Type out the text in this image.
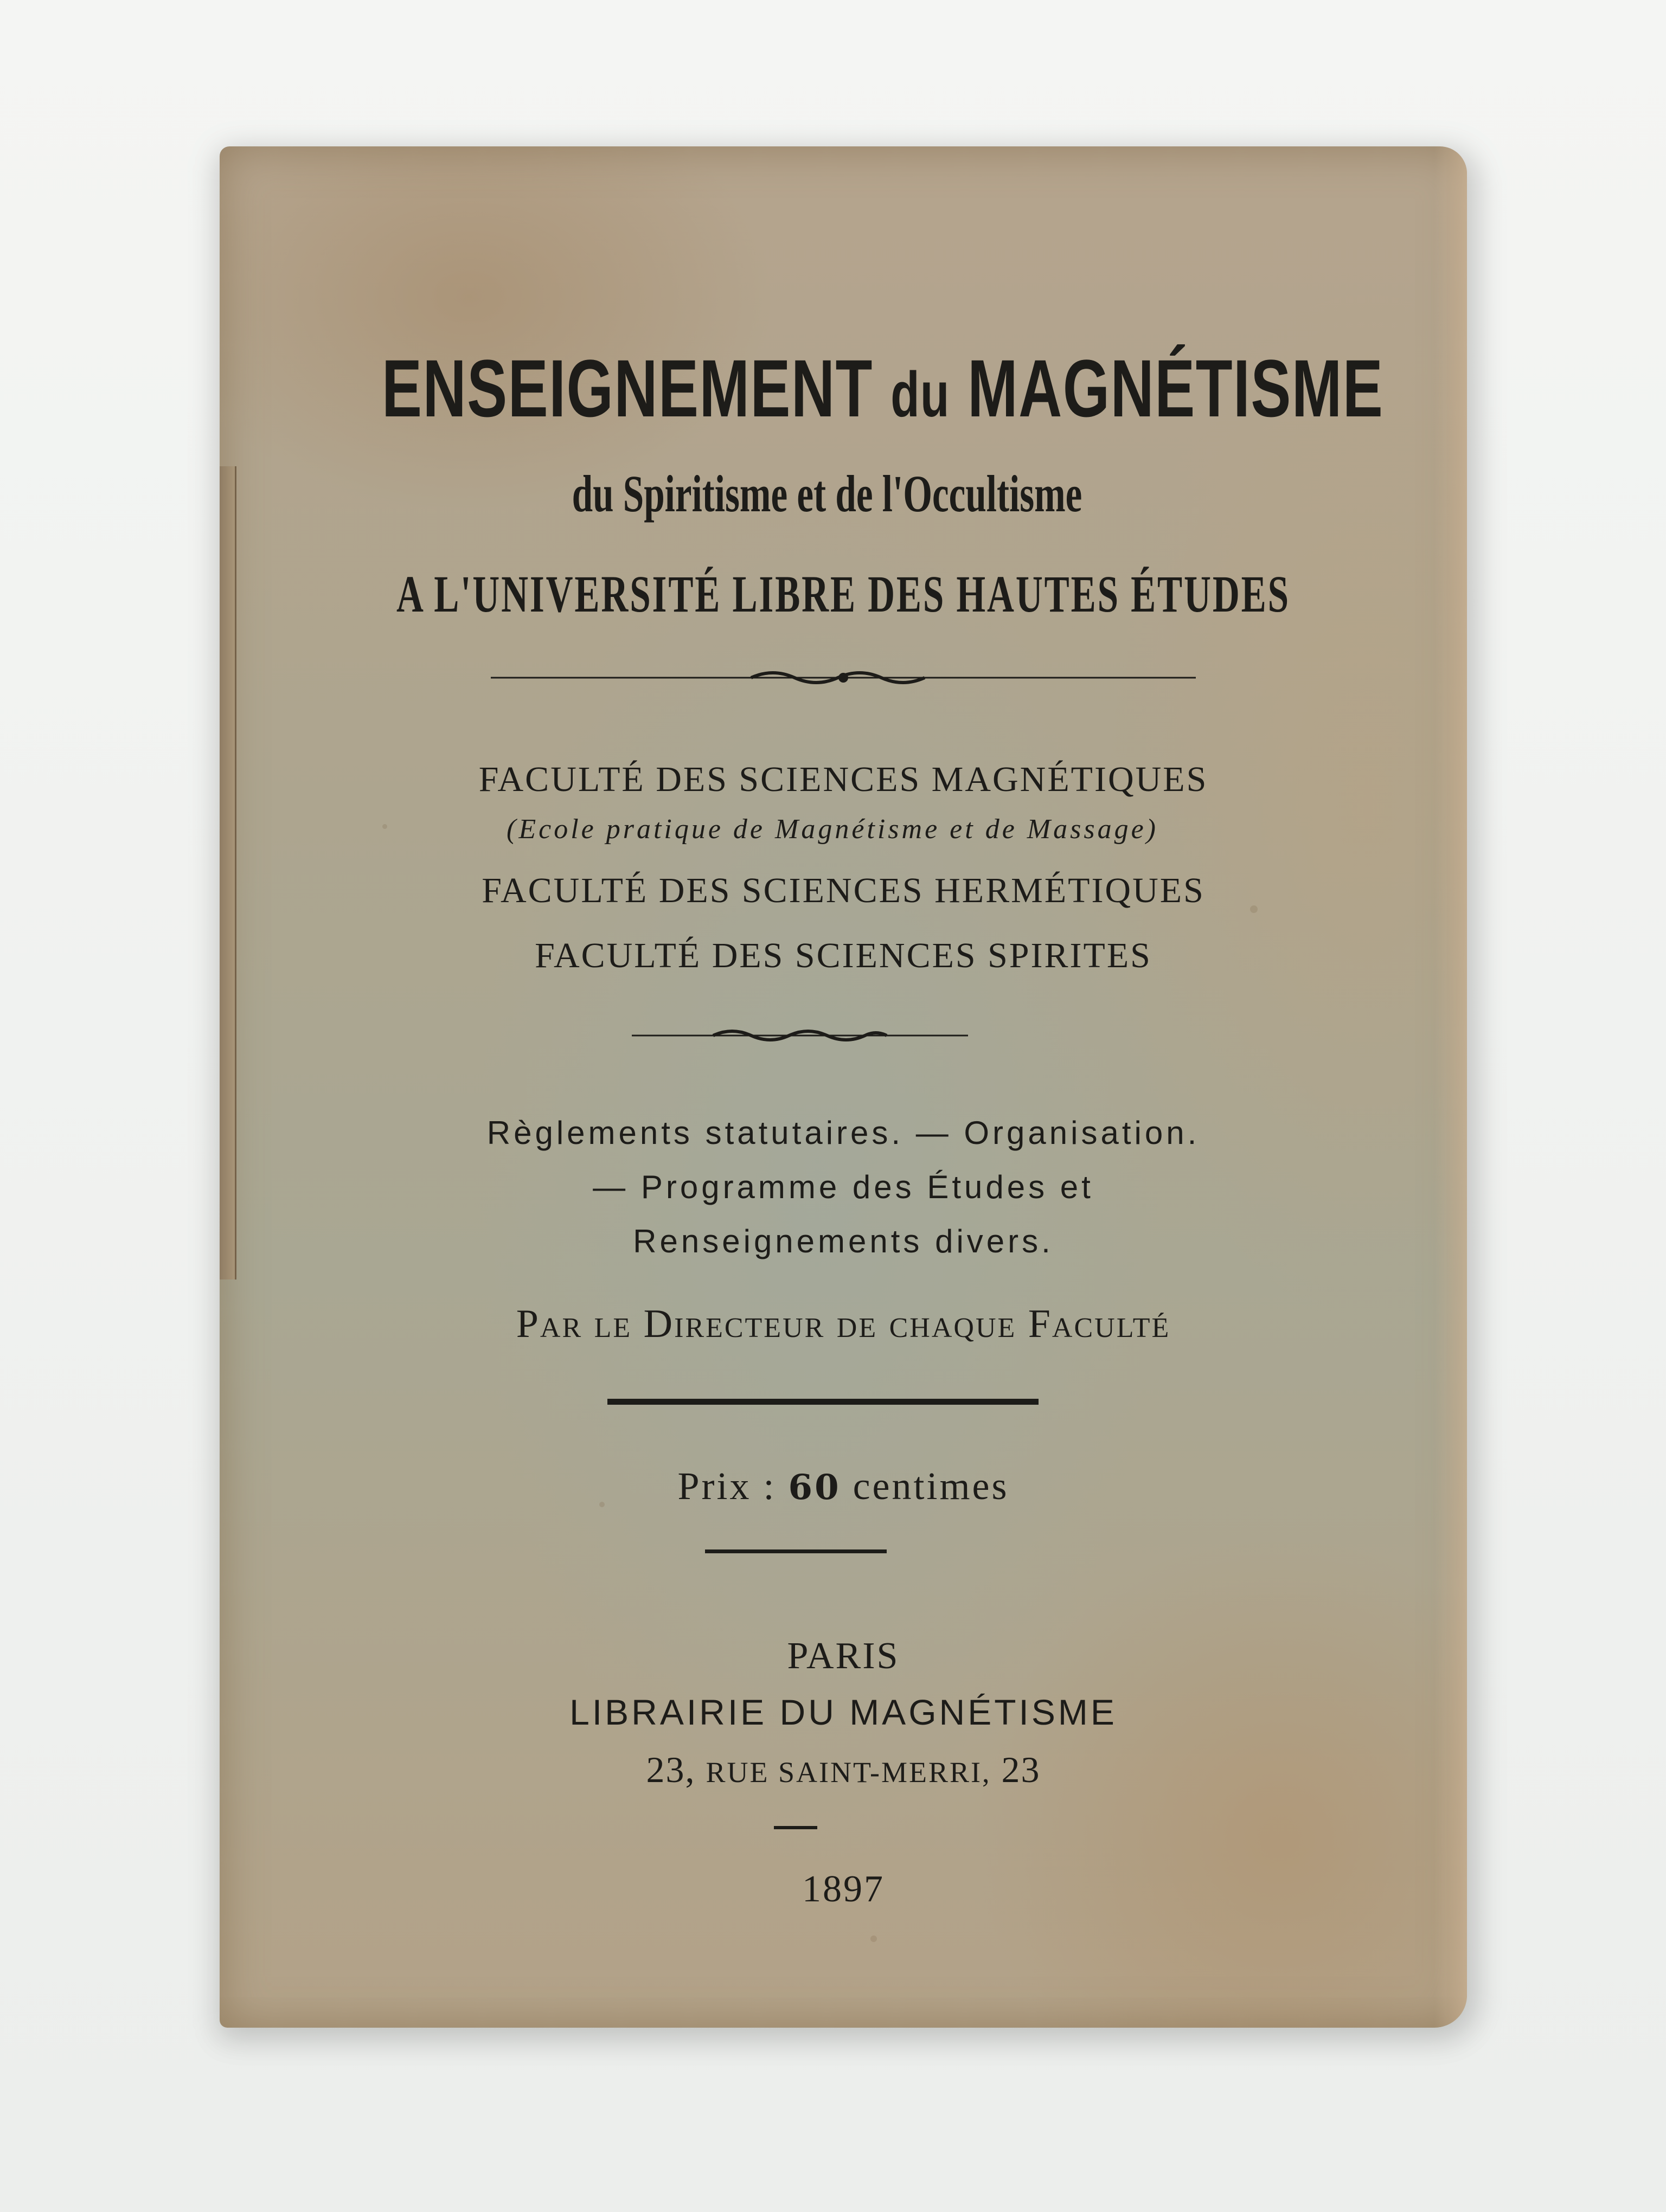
ENSEIGNEMENT du MAGNÉTISME
du Spiritisme et de l'Occultisme
A L'UNIVERSITÉ LIBRE DES HAUTES ÉTUDES
FACULTÉ DES SCIENCES MAGNÉTIQUES
(Ecole pratique de Magnétisme et de Massage)
FACULTÉ DES SCIENCES HERMÉTIQUES
FACULTÉ DES SCIENCES SPIRITES
Règlements statutaires. — Organisation.
— Programme des Études et
Renseignements divers.
Par le Directeur de chaque Faculté
Prix : 60 centimes
PARIS
LIBRAIRIE DU MAGNÉTISME
23, RUE SAINT-MERRI, 23
1897
